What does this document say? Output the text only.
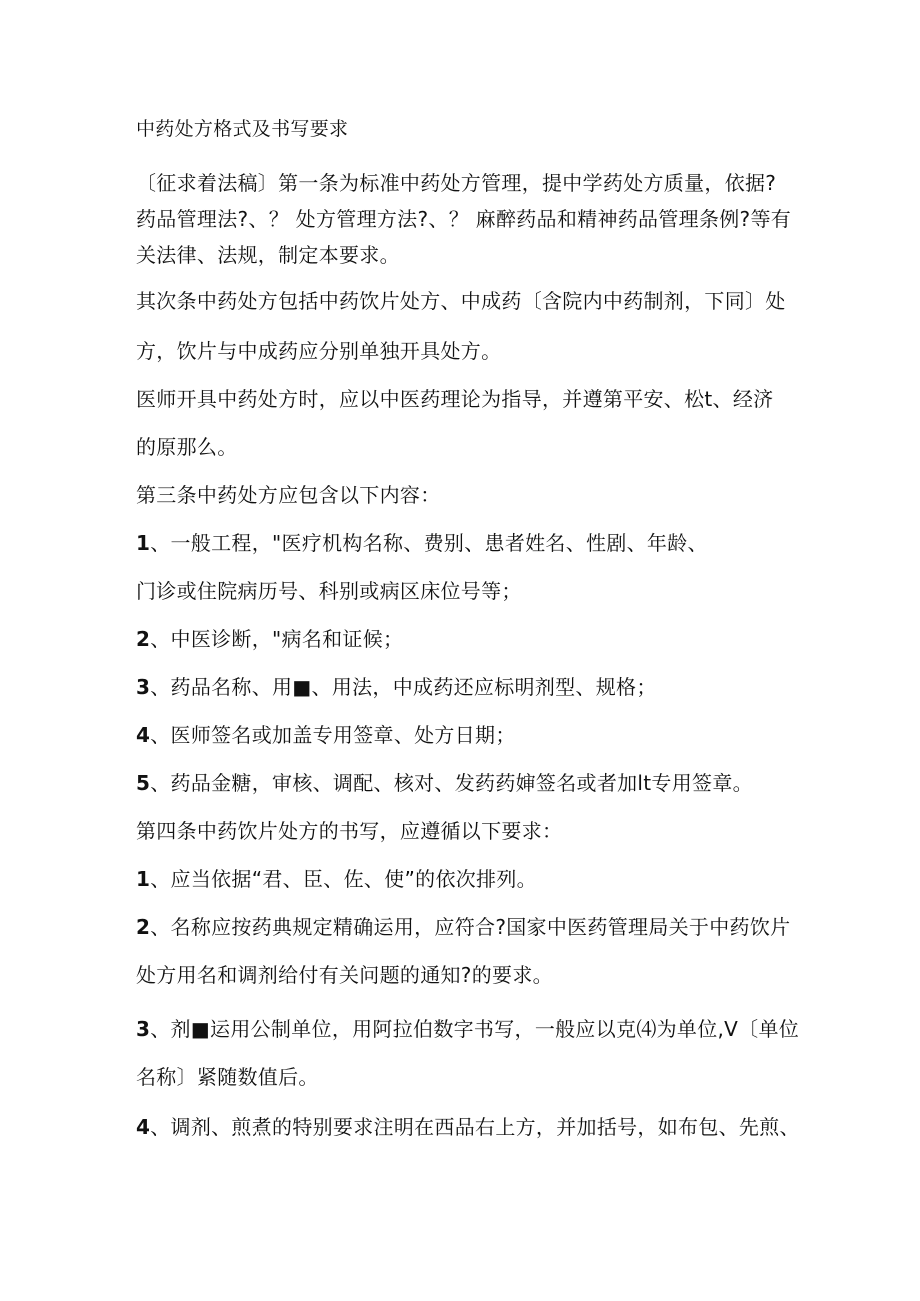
中药处方格式及书写要求
〔征求着法稿〕第一条为标准中药处方管理，提中学药处方质量，依据?
药品管理法?、？ 处方管理方法?、？ 麻醉药品和精神药品管理条例?等有
关法律、法规，制定本要求。
其次条中药处方包括中药饮片处方、中成药〔含院内中药制剂，下同〕处
方，饮片与中成药应分别单独开具处方。
医师开具中药处方时，应以中医药理论为指导，并遵第平安、松t、经济
的原那么。
第三条中药处方应包含以下内容：
1、一般工程，"医疗机构名称、费别、患者姓名、性剧、年龄、
门诊或住院病历号、科别或病区床位号等；
2、中医诊断，"病名和证候；
3、药品名称、用■、用法，中成药还应标明剂型、规格；
4、医师签名或加盖专用签章、处方日期；
5、药品金糖，审核、调配、核对、发药药婶签名或者加lt专用签章。
第四条中药饮片处方的书写，应遵循以下要求：
1、应当依据“君、臣、佐、使”的依次排列。
2、名称应按药典规定精确运用，应符合?国家中医药管理局关于中药饮片
处方用名和调剂给付有关问题的通知?的要求。
3、剂■运用公制单位，用阿拉伯数字书写，一般应以克⑷为单位,V〔单位
名称〕紧随数值后。
4、调剂、煎煮的特别要求注明在西品右上方，并加括号，如布包、先煎、
